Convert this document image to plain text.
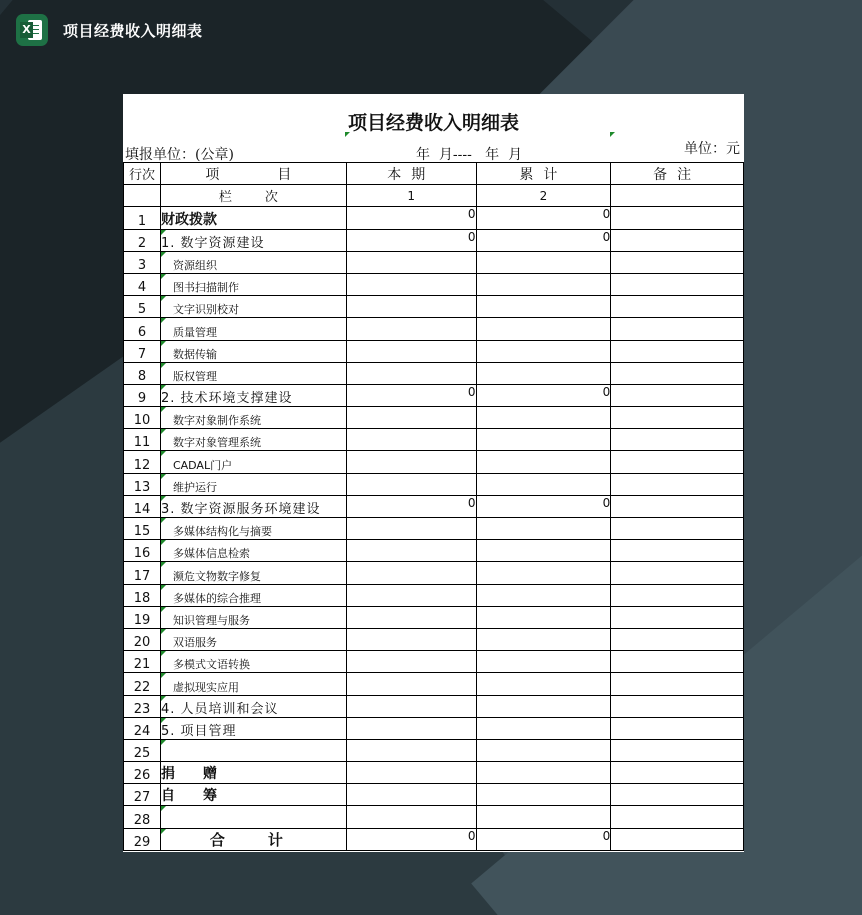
X 项目经费收入明细表
项目经费收入明细表
填报单位：(公章)	年  月----   年  月	单位：元
行次	项　　目	本期	累计	备注
	栏　次	1	2	
1	财政拨款	0	0	
2	1. 数字资源建设	0	0	
3	资源组织			
4	图书扫描制作			
5	文字识别校对			
6	质量管理			
7	数据传输			
8	版权管理			
9	2. 技术环境支撑建设	0	0	
10	数字对象制作系统			
11	数字对象管理系统			
12	CADAL门户			
13	维护运行			
14	3. 数字资源服务环境建设	0	0	
15	多媒体结构化与摘要			
16	多媒体信息检索			
17	濒危文物数字修复			
18	多媒体的综合推理			
19	知识管理与服务			
20	双语服务			
21	多模式文语转换			
22	虚拟现实应用			
23	4. 人员培训和会议			
24	5. 项目管理			
25				
26	捐　　赠			
27	自　　筹			
28				
29	合　计	0	0	
